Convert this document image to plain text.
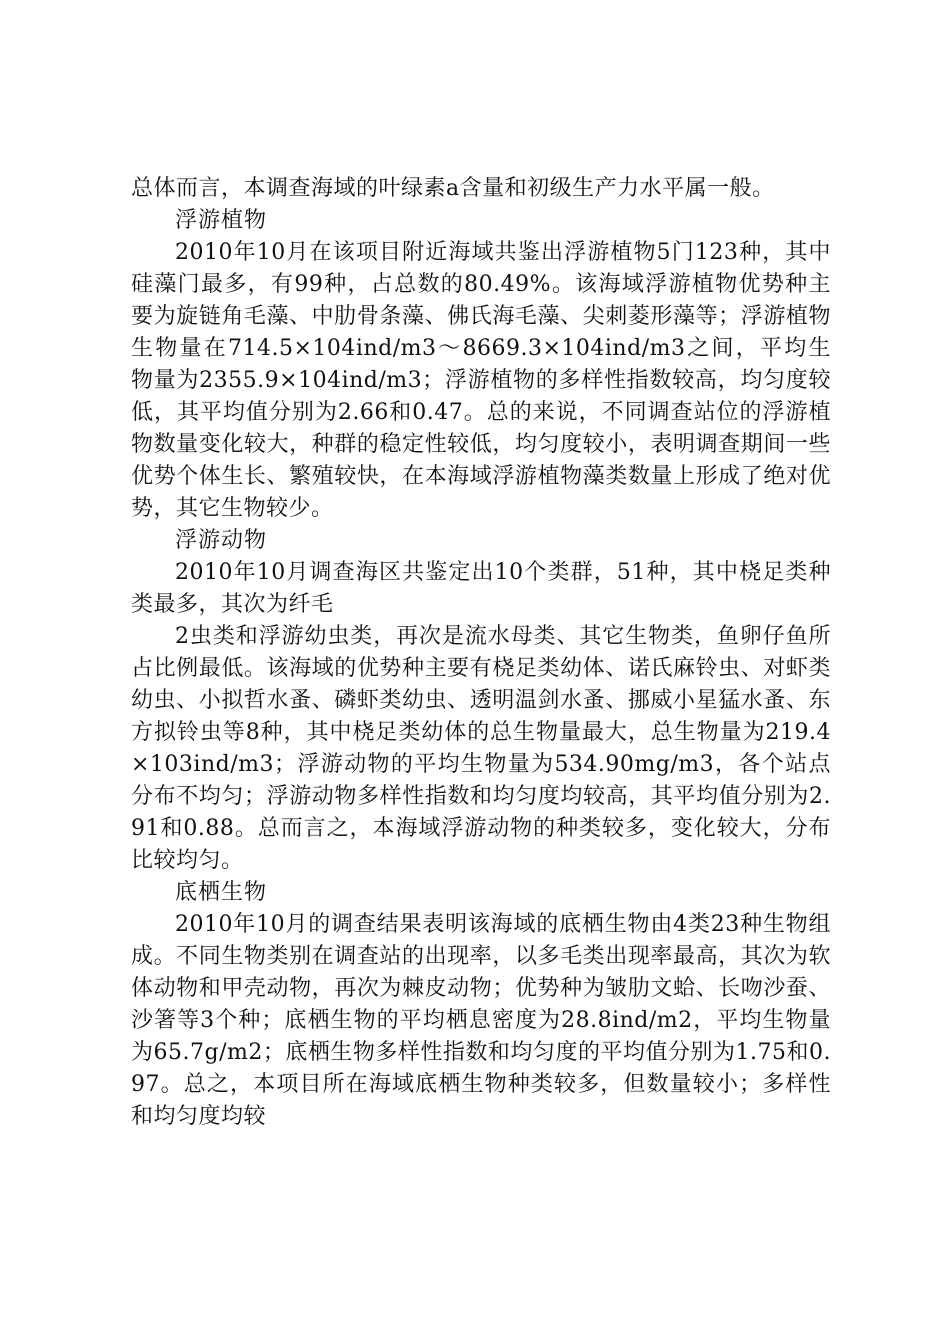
总体而言，本调查海域的叶绿素a含量和初级生产力水平属一般。

浮游植物

2010年10月在该项目附近海域共鉴出浮游植物5门123种，其中硅藻门最多，有99种，占总数的80.49%。该海域浮游植物优势种主要为旋链角毛藻、中肋骨条藻、佛氏海毛藻、尖刺菱形藻等；浮游植物生物量在714.5×104ind/m3～8669.3×104ind/m3之间，平均生物量为2355.9×104ind/m3；浮游植物的多样性指数较高，均匀度较低，其平均值分别为2.66和0.47。总的来说，不同调查站位的浮游植物数量变化较大，种群的稳定性较低，均匀度较小，表明调查期间一些优势个体生长、繁殖较快，在本海域浮游植物藻类数量上形成了绝对优势，其它生物较少。

浮游动物

2010年10月调查海区共鉴定出10个类群，51种，其中桡足类种类最多，其次为纤毛

2虫类和浮游幼虫类，再次是流水母类、其它生物类，鱼卵仔鱼所占比例最低。该海域的优势种主要有桡足类幼体、诺氏麻铃虫、对虾类幼虫、小拟哲水蚤、磷虾类幼虫、透明温剑水蚤、挪威小星猛水蚤、东方拟铃虫等8种，其中桡足类幼体的总生物量最大，总生物量为219.4×103ind/m3；浮游动物的平均生物量为534.90mg/m3，各个站点分布不均匀；浮游动物多样性指数和均匀度均较高，其平均值分别为2.91和0.88。总而言之，本海域浮游动物的种类较多，变化较大，分布比较均匀。

底栖生物

2010年10月的调查结果表明该海域的底栖生物由4类23种生物组成。不同生物类别在调查站的出现率，以多毛类出现率最高，其次为软体动物和甲壳动物，再次为棘皮动物；优势种为皱肋文蛤、长吻沙蚕、沙箸等3个种；底栖生物的平均栖息密度为28.8ind/m2，平均生物量为65.7g/m2；底栖生物多样性指数和均匀度的平均值分别为1.75和0.97。总之，本项目所在海域底栖生物种类较多，但数量较小；多样性和均匀度均较
